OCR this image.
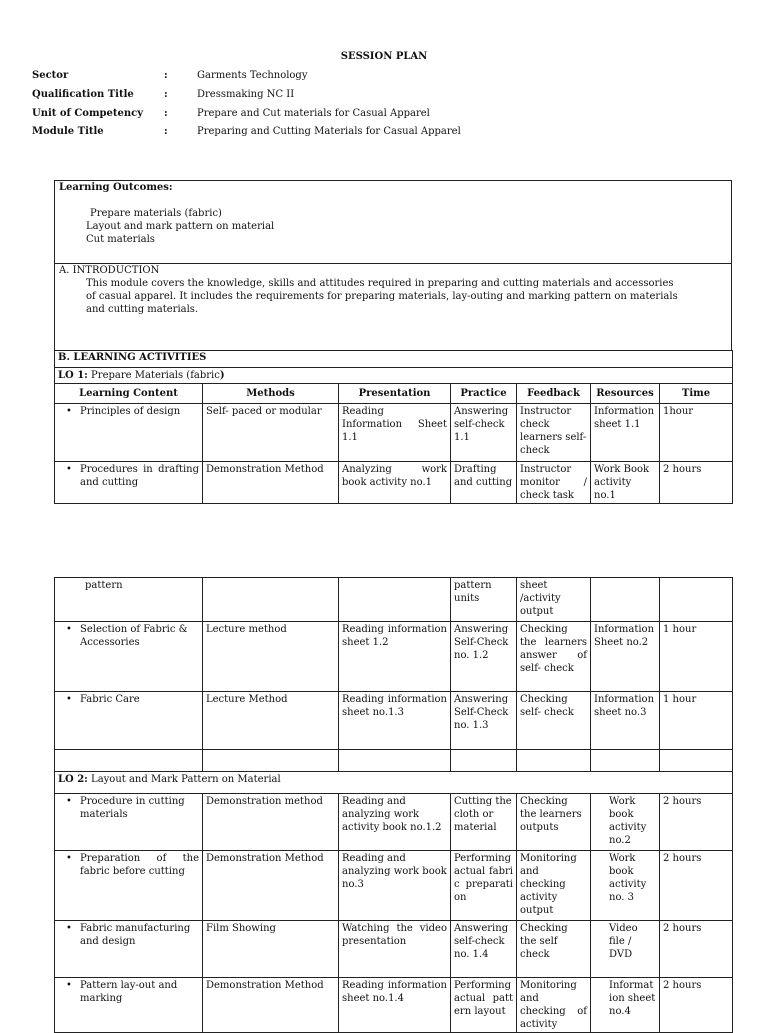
SESSION PLAN
Sector	:	Garments Technology
Qualification Title	:	Dressmaking NC II
Unit of Competency :	Prepare and Cut materials for Casual Apparel
Module Title	:	Preparing and Cutting Materials for Casual Apparel
Learning Outcomes:
Prepare materials (fabric)
Layout and mark pattern on material
Cut materials
A. INTRODUCTION
This module covers the knowledge, skills and attitudes required in preparing and cutting materials and accessories of casual apparel. It includes the requirements for preparing materials, lay-outing and marking pattern on materials and cutting materials.
B. LEARNING ACTIVITIES						
LO 1: Prepare Materials (fabric)						
Learning Content	Methods	Presentation	Practice	Feedback	Resources	Time

• Principles of design	Self- paced or modular	Reading Information Sheet 1.1	Answering self-check 1.1	Instructor check learners self- check	Information sheet 1.1	1hour

• Procedures in drafting and cutting	Demonstration Method	Analyzing work book activity no.1	Drafting and cutting	Instructor monitor / check task	Work Book activity no.1	2 hours
pattern			pattern units	sheet /activity output		

• Selection of Fabric & Accessories	Lecture method	Reading information sheet 1.2	Answering Self-Check no. 1.2	Checking the learners answer of self- check	Information Sheet no.2	1 hour

• Fabric Care	Lecture Method	Reading information sheet no.1.3	Answering Self-Check no. 1.3	Checking self- check	Information sheet no.3	1 hour

LO 2: Layout and Mark Pattern on Material						

• Procedure in cutting materials	Demonstration method	Reading and analyzing work activity book no.1.2	Cutting the cloth or material	Checking the learners outputs	Work book activity no.2	2 hours

• Preparation of the fabric before cutting	Demonstration Method	Reading and analyzing work book no.3	Performing actual fabric preparation	Monitoring and checking activity output	Work book activity no. 3	2 hours

• Fabric manufacturing and design	Film Showing	Watching the video presentation	Answering self-check no. 1.4	Checking the self check	Video file / DVD	2 hours

• Pattern lay-out and marking	Demonstration Method	Reading information sheet no.1.4	Performing actual pattern layout	Monitoring and checking of activity	Information sheet no.4	2 hours
